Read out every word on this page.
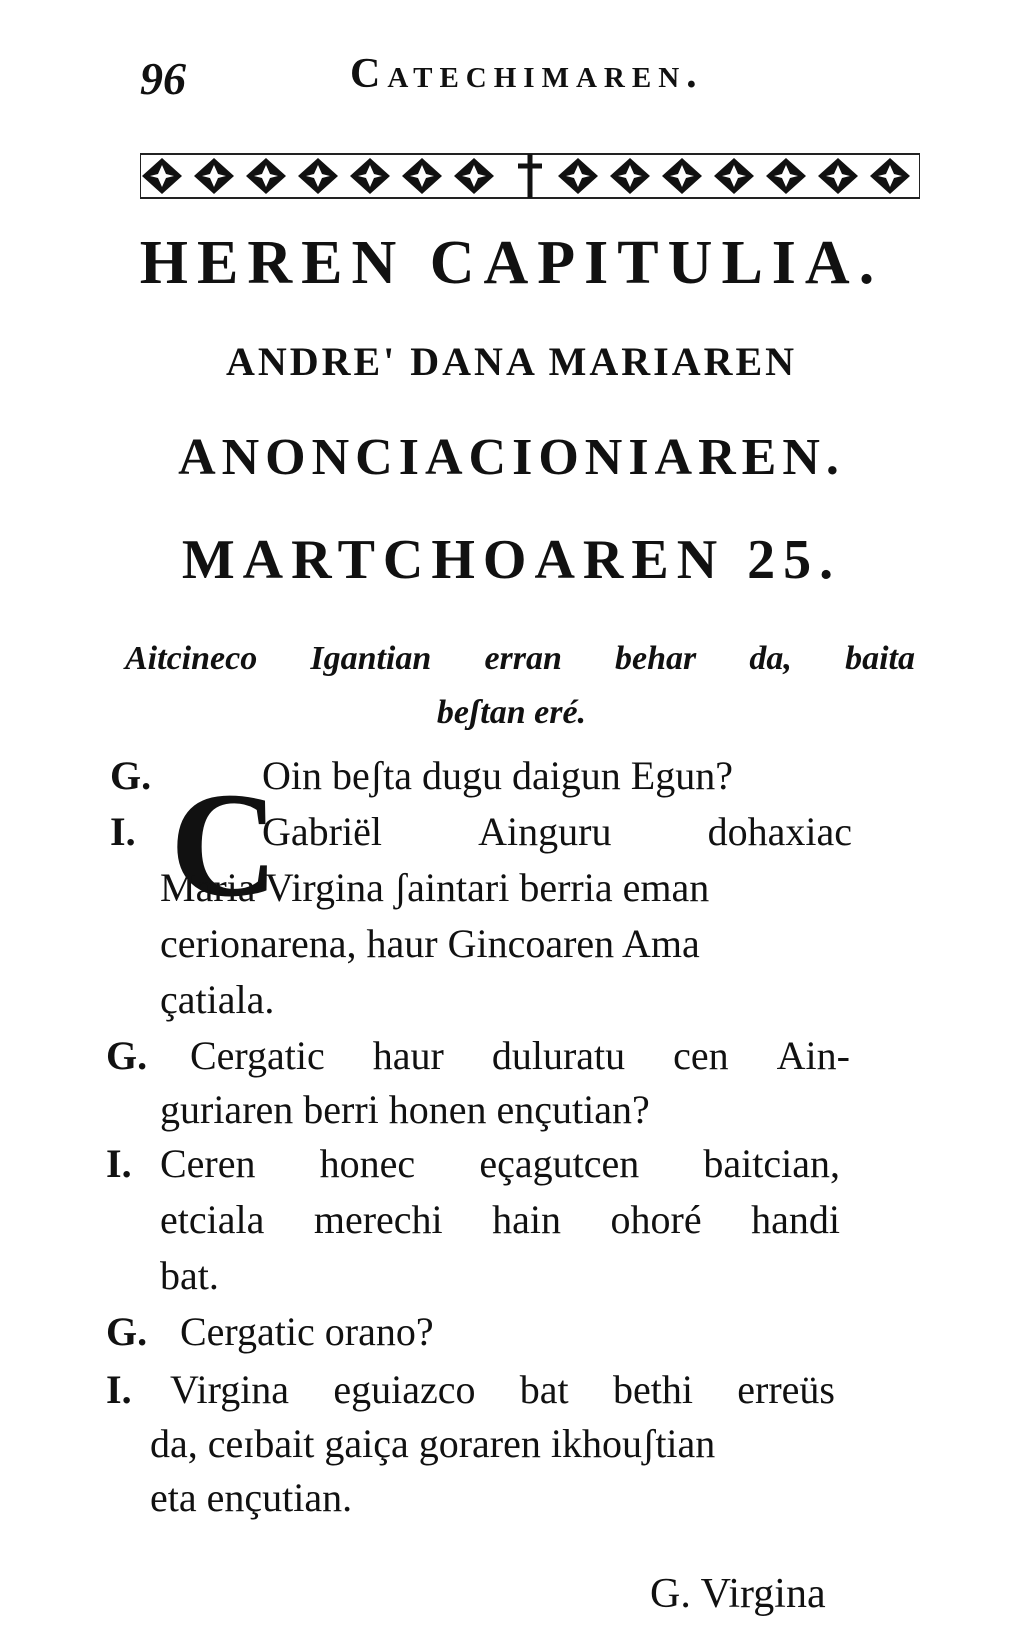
96	Catechimaren.
HEREN CAPITULIA.
ANDRE' DANA MARIAREN
ANONCIACIONIAREN.
MARTCHOAREN 25.
Aitcineco Igantian erran behar da, baita
beʃtan eré.
G.
I. C
Oin beʃta dugu daigun Egun?
Gabriël Ainguru dohaxiac
Maria Virgina ʃaintari berria eman
cerionarena, haur Gincoaren Ama
çatiala.
G. Cergatic haur duluratu cen Ain-
guriaren berri honen ençutian?
I. Ceren honec eçagutcen baitcian,
etciala merechi hain ohoré handi
bat.
G. Cergatic orano?
I. Virgina eguiazco bat bethi erreüs
da, ceɪbait gaiça goraren ikhouʃtian
eta ençutian.
G. Virgina
